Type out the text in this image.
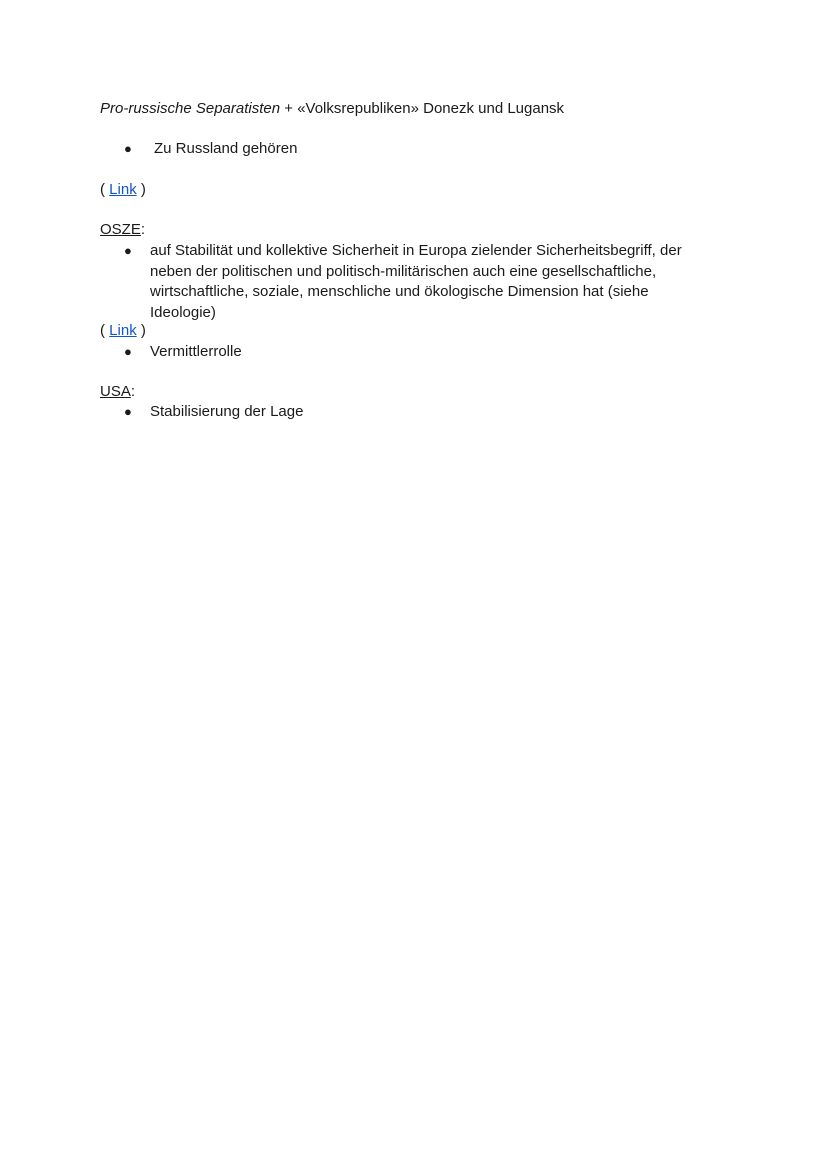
Pro-russische Separatisten + «Volksrepubliken» Donezk und Lugansk
●	Zu Russland gehören
( Link )
OSZE:
●	auf Stabilität und kollektive Sicherheit in Europa zielender Sicherheitsbegriff, der neben der politischen und politisch-militärischen auch eine gesellschaftliche, wirtschaftliche, soziale, menschliche und ökologische Dimension hat (siehe Ideologie)
( Link )
●	Vermittlerrolle
USA:
●	Stabilisierung der Lage
